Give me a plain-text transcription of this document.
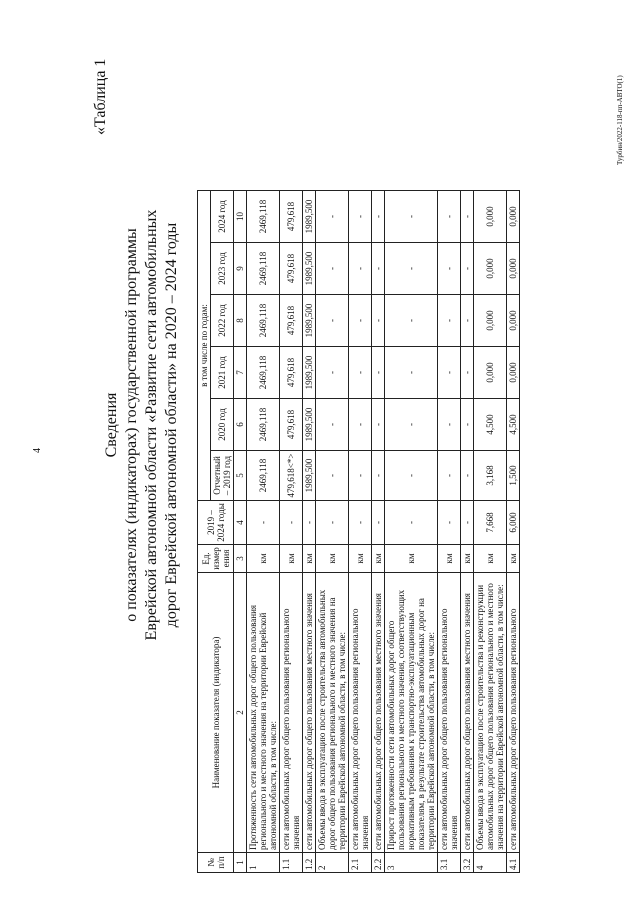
4
«Таблица 1
Сведения о показателях (индикаторах) государственной программы Еврейской автономной области «Развитие сети автомобильных дорог Еврейской автономной области» на 2020 – 2024 годы
№ п/п	Наименование показателя (индикатора)	Ед. измер ения	2019 – 2024 годы	в том числе по годам:					
				Отчетный – 2019 год	2020 год	2021 год	2022 год	2023 год	2024 год
1	2	3	4	5	6	7	8	9	10
1	Протяженность сети автомобильных дорог общего пользования регионального и местного значения на территории Еврейской автономной области, в том числе:	км	-	2469,118	2469,118	2469,118	2469,118	2469,118	2469,118
1.1	сети автомобильных дорог общего пользования регионального значения	км	-	479,618<*>	479,618	479,618	479,618	479,618	479,618
1.2	сети автомобильных дорог общего пользования местного значения	км	-	1989,500	1989,500	1989,500	1989,500	1989,500	1989,500
2	Объемы ввода в эксплуатацию после строительства автомобильных дорог общего пользования регионального и местного значения на территории Еврейской автономной области, в том числе:	км	-	-	-	-	-	-	-
2.1	сети автомобильных дорог общего пользования регионального значения	км	-	-	-	-	-	-	-
2.2	сети автомобильных дорог общего пользования местного значения	км	-	-	-	-	-	-	-
3	Прирост протяженности сети автомобильных дорог общего пользования регионального и местного значения, соответствующих нормативным требованиям к транспортно-эксплуатационным показателям, в результате строительства автомобильных дорог на территории Еврейской автономной области, в том числе:	км	-	-	-	-	-	-	-
3.1	сети автомобильных дорог общего пользования регионального значения	км	-	-	-	-	-	-	-
3.2	сети автомобильных дорог общего пользования местного значения	км	-	-	-	-	-	-	-
4	Объемы ввода в эксплуатацию после строительства и реконструкции автомобильных дорог общего пользования регионального и местного значения на территории Еврейской автономной области, в том числе:	км	7,668	3,168	4,500	0,000	0,000	0,000	0,000
4.1	сети автомобильных дорог общего пользования регионального	км	6,000	1,500	4,500	0,000	0,000	0,000	0,000
Турбин/2022-118-пп-АВТО(1)
